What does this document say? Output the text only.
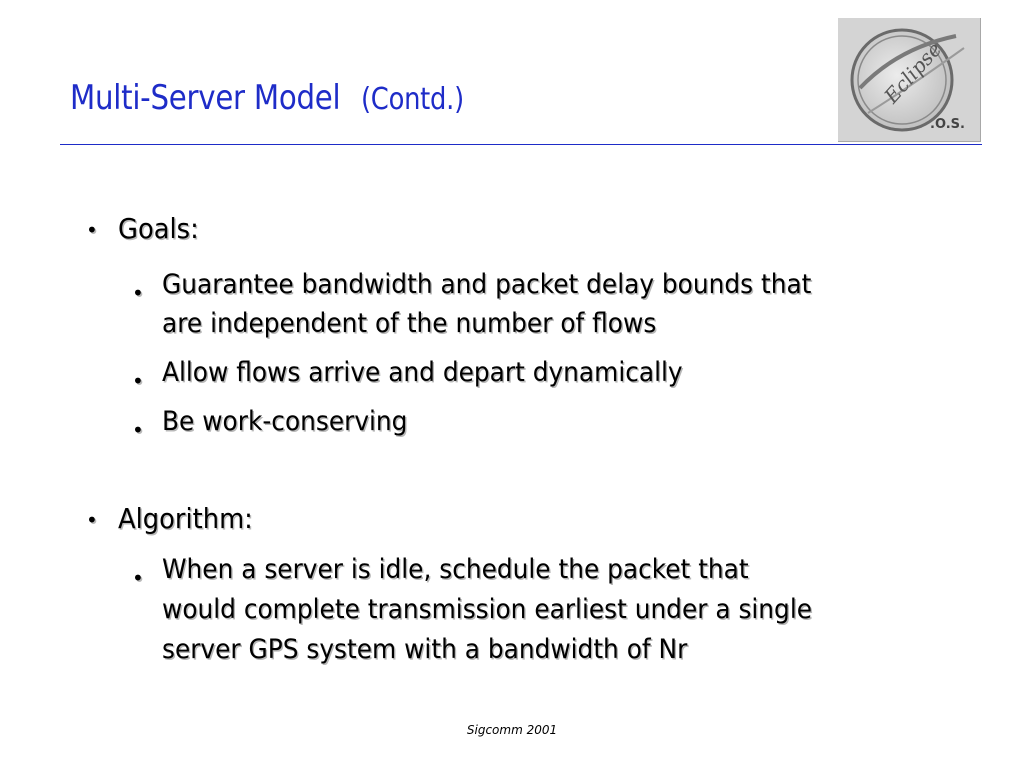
Multi-Server Model (Contd.)	Eclipse
.O.S.
• Goals:
• Guarantee bandwidth and packet delay bounds that
are independent of the number of flows
• Allow flows arrive and depart dynamically
• Be work-conserving
• Algorithm:
• When a server is idle, schedule the packet that
would complete transmission earliest under a single
server GPS system with a bandwidth of Nr
Sigcomm 2001
